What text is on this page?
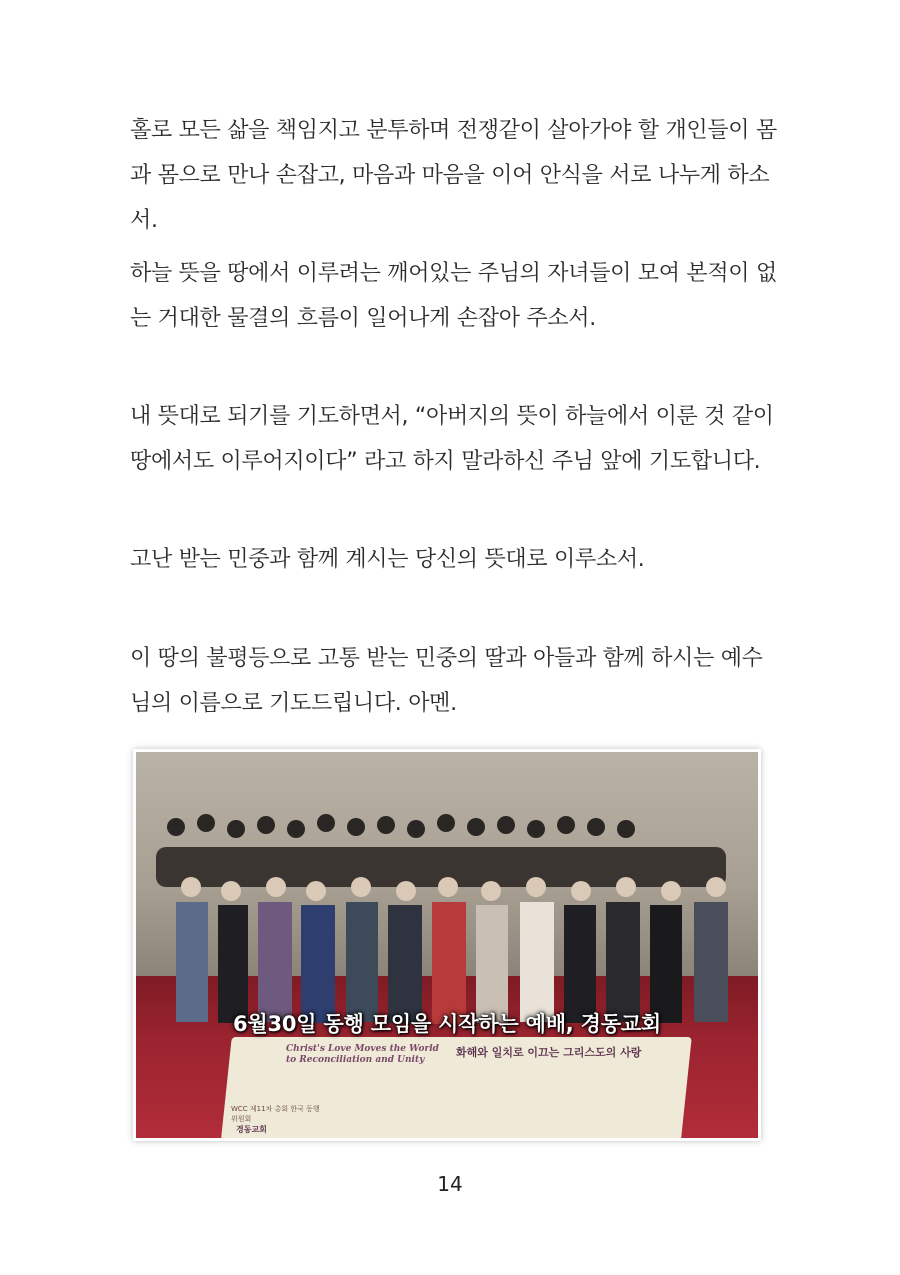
홀로 모든 삶을 책임지고 분투하며 전쟁같이 살아가야 할 개인들이 몸과 몸으로 만나 손잡고, 마음과 마음을 이어 안식을 서로 나누게 하소서.

하늘 뜻을 땅에서 이루려는 깨어있는 주님의 자녀들이 모여 본적이 없는 거대한 물결의 흐름이 일어나게 손잡아 주소서.

내 뜻대로 되기를 기도하면서, “아버지의 뜻이 하늘에서 이룬 것 같이 땅에서도 이루어지이다” 라고 하지 말라하신 주님 앞에 기도합니다.

고난 받는 민중과 함께 계시는 당신의 뜻대로 이루소서.

이 땅의 불평등으로 고통 받는 민중의 딸과 아들과 함께 하시는 예수님의 이름으로 기도드립니다. 아멘.

Christ's Love Moves the World to Reconciliation and Unity
화해와 일치로 이끄는 그리스도의 사랑
WCC 제11차 총회 한국 동행위원회
경동교회
6월30일 동행 모임을 시작하는 예배, 경동교회
14
